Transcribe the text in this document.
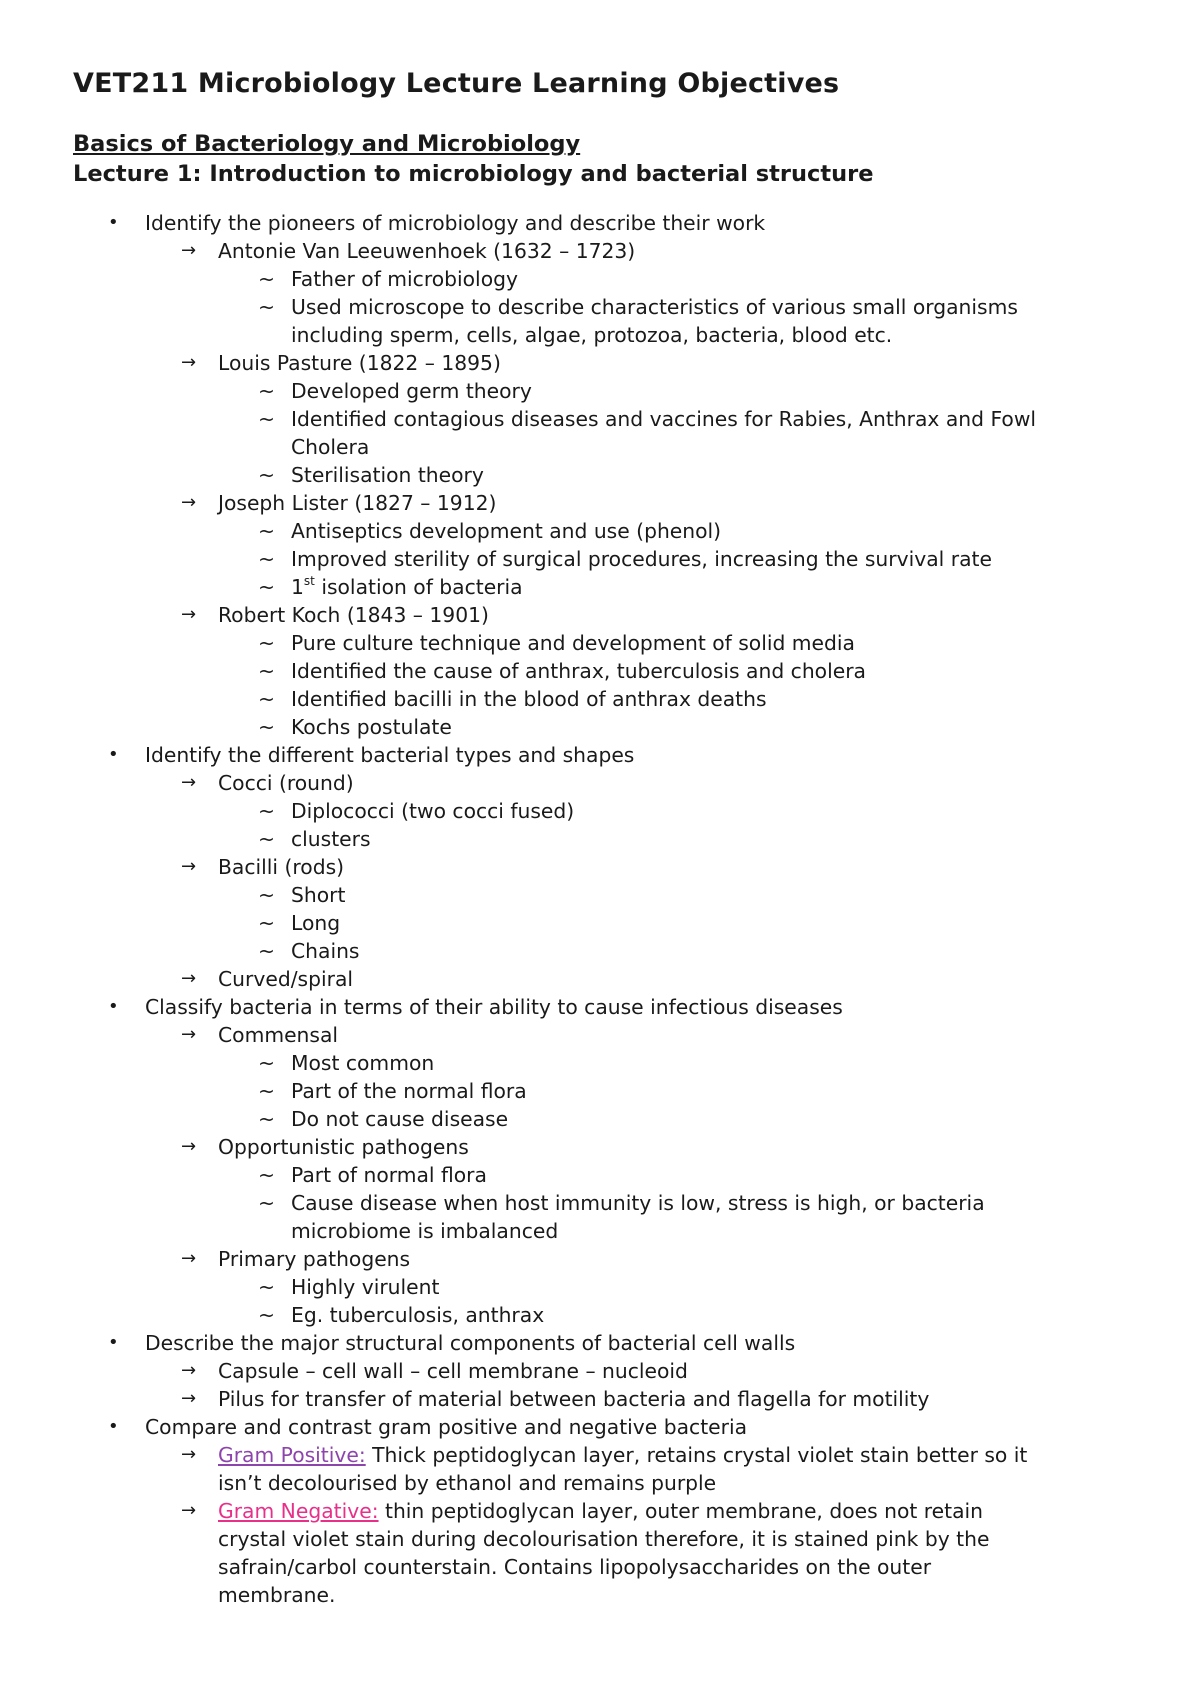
VET211 Microbiology Lecture Learning Objectives
Basics of Bacteriology and Microbiology
Lecture 1: Introduction to microbiology and bacterial structure
• Identify the pioneers of microbiology and describe their work
→ Antonie Van Leeuwenhoek (1632 – 1723)
~ Father of microbiology
~ Used microscope to describe characteristics of various small organisms
including sperm, cells, algae, protozoa, bacteria, blood etc.
→ Louis Pasture (1822 – 1895)
~ Developed germ theory
~ Identified contagious diseases and vaccines for Rabies, Anthrax and Fowl
Cholera
~ Sterilisation theory
→ Joseph Lister (1827 – 1912)
~ Antiseptics development and use (phenol)
~ Improved sterility of surgical procedures, increasing the survival rate
~ 1st isolation of bacteria
→ Robert Koch (1843 – 1901)
~ Pure culture technique and development of solid media
~ Identified the cause of anthrax, tuberculosis and cholera
~ Identified bacilli in the blood of anthrax deaths
~ Kochs postulate
• Identify the different bacterial types and shapes
→ Cocci (round)
~ Diplococci (two cocci fused)
~ clusters
→ Bacilli (rods)
~ Short
~ Long
~ Chains
→ Curved/spiral
• Classify bacteria in terms of their ability to cause infectious diseases
→ Commensal
~ Most common
~ Part of the normal flora
~ Do not cause disease
→ Opportunistic pathogens
~ Part of normal flora
~ Cause disease when host immunity is low, stress is high, or bacteria
microbiome is imbalanced
→ Primary pathogens
~ Highly virulent
~ Eg. tuberculosis, anthrax
• Describe the major structural components of bacterial cell walls
→ Capsule – cell wall – cell membrane – nucleoid
→ Pilus for transfer of material between bacteria and flagella for motility
• Compare and contrast gram positive and negative bacteria
→ Gram Positive: Thick peptidoglycan layer, retains crystal violet stain better so it
isn’t decolourised by ethanol and remains purple
→ Gram Negative: thin peptidoglycan layer, outer membrane, does not retain
crystal violet stain during decolourisation therefore, it is stained pink by the
safrain/carbol counterstain. Contains lipopolysaccharides on the outer
membrane.
